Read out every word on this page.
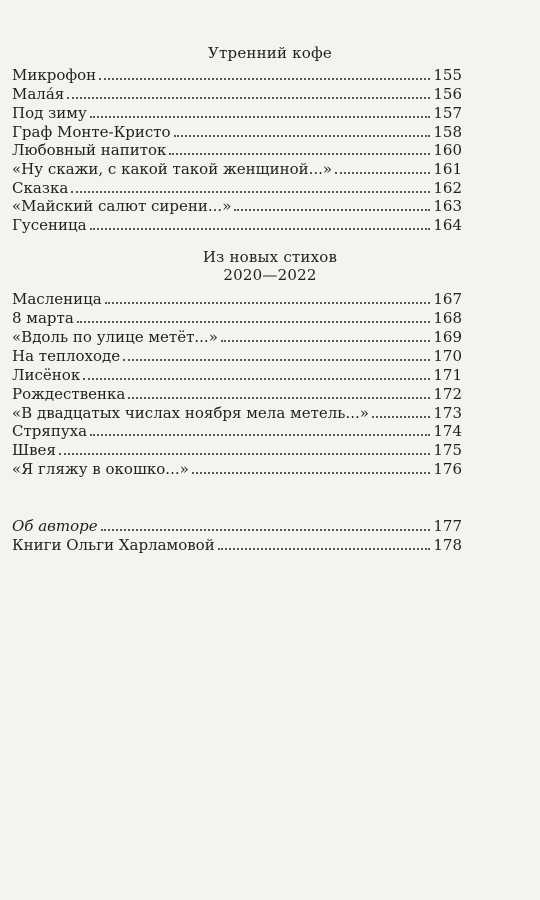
Утренний кофе
Микрофон	155
Мала́я	156
Под зиму	157
Граф Монте-Кристо	158
Любовный напиток	160
«Ну скажи, с какой такой женщиной...»	161
Сказка	162
«Майский салют сирени...»	163
Гусеница	164
Из новых стихов
2020—2022
Масленица	167
8 марта	168
«Вдоль по улице метёт...»	169
На теплоходе	170
Лисёнок	171
Рождественка	172
«В двадцатых числах ноября мела метель...»	173
Стряпуха	174
Швея	175
«Я гляжу в окошко...»	176
Об авторе	177
Книги Ольги Харламовой	178
